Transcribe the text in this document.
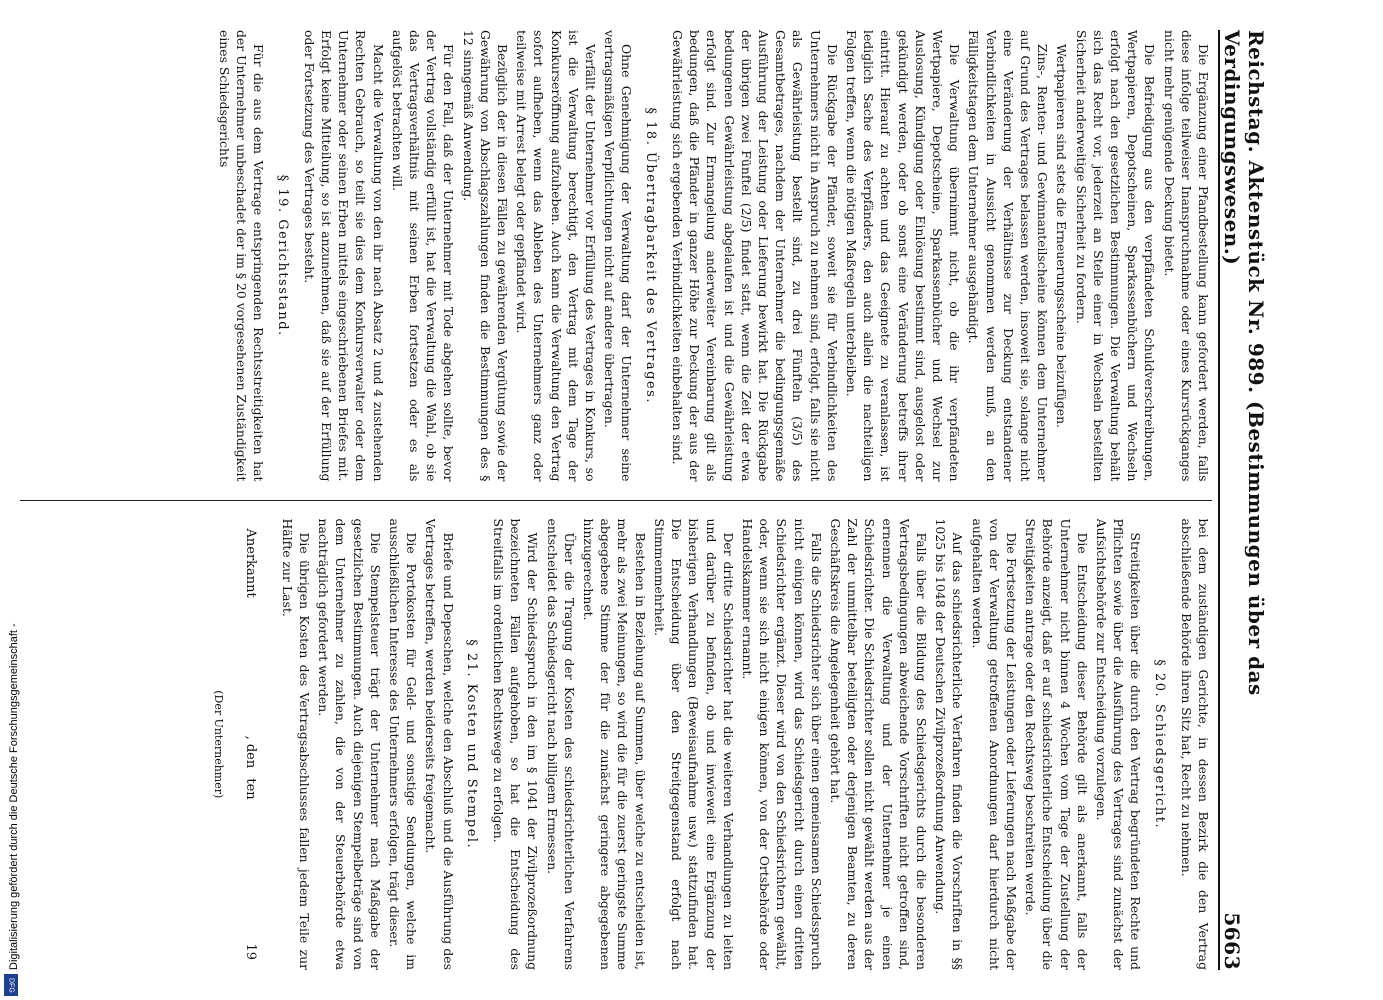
Reichstag. Aktenstück Nr. 989. (Bestimmungen über das Verdingungswesen.)
5663

Die Ergänzung einer Pfandbestellung kann gefordert werden, falls diese infolge teilweiser Inanspruchnahme oder eines Kursrückganges nicht mehr genügende Deckung bietet.

Die Befriedigung aus den verpfändeten Schuldverschreibungen, Wertpapieren, Depotscheinen, Sparkassenbüchern und Wechseln erfolgt nach den gesetzlichen Bestimmungen. Die Verwaltung behält sich das Recht vor, jederzeit an Stelle einer in Wechseln bestellten Sicherheit anderweitige Sicherheit zu fordern.

Wertpapieren sind stets die Erneuerungsscheine beizufügen.

Zins-, Renten- und Gewinnanteilscheine können dem Unternehmer auf Grund des Vertrages belassen werden, insoweit sie, solange nicht eine Veränderung der Verhältnisse zur Deckung entstandener Verbindlichkeiten in Aussicht genommen werden muß, an den Fälligkeitstagen dem Unternehmer ausgehändigt.

Die Verwaltung übernimmt nicht, ob die ihr verpfändeten Wertpapiere, Depotscheine, Sparkassenbücher und Wechsel zur Auslosung, Kündigung oder Einlösung bestimmt sind, ausgelost oder gekündigt werden, oder ob sonst eine Veränderung betreffs ihrer eintritt. Hierauf zu achten und das Geeignete zu veranlassen, ist lediglich Sache des Verpfänders, den auch allein die nachteiligen Folgen treffen, wenn die nötigen Maßregeln unterbleiben.

Die Rückgabe der Pfänder, soweit sie für Verbindlichkeiten des Unternehmers nicht in Anspruch zu nehmen sind, erfolgt, falls sie nicht als Gewährleistung bestellt sind, zu drei Fünfteln (3/5) des Gesamtbetrages, nachdem der Unternehmer die bedingungsgemäße Ausführung der Leistung oder Lieferung bewirkt hat. Die Rückgabe der übrigen zwei Fünftel (2/5) findet statt, wenn die Zeit der etwa bedungenen Gewährleistung abgelaufen ist und die Gewährleistung erfolgt sind. Zur Ermangelung anderweiter Vereinbarung gilt als bedungen, daß die Pfänder in ganzer Höhe zur Deckung der aus der Gewährleistung sich ergebenden Verbindlichkeiten einbehalten sind.

§ 18. Übertragbarkeit des Vertrages.

Ohne Genehmigung der Verwaltung darf der Unternehmer seine vertragsmäßigen Verpflichtungen nicht auf andere übertragen.

Verfällt der Unternehmer vor Erfüllung des Vertrages in Konkurs, so ist die Verwaltung berechtigt, den Vertrag mit dem Tage der Konkurseröffnung aufzuheben. Auch kann die Verwaltung den Vertrag sofort aufheben, wenn das Ableben des Unternehmers ganz oder teilweise mit Arrest belegt oder gepfändet wird.

Bezüglich der in diesen Fällen zu gewährenden Vergütung sowie der Gewährung von Abschlagszahlungen finden die Bestimmungen des § 12 sinngemäß Anwendung.

Für den Fall, daß der Unternehmer mit Tode abgehen sollte, bevor der Vertrag vollständig erfüllt ist, hat die Verwaltung die Wahl, ob sie das Vertragsverhältnis mit seinen Erben fortsetzen oder es als aufgelöst betrachten will.

Macht die Verwaltung von den ihr nach Absatz 2 und 4 zustehenden Rechten Gebrauch, so teilt sie dies dem Konkursverwalter oder dem Unternehmer oder seinen Erben mittels eingeschriebenen Briefes mit. Erfolgt keine Mitteilung, so ist anzunehmen, daß sie auf der Erfüllung oder Fortsetzung des Vertrages besteht.

§ 19. Gerichtsstand.

Für die aus dem Vertrage entspringenden Rechtsstreitigkeiten hat der Unternehmer unbeschadet der im § 20 vorgesehenen Zuständigkeit eines Schiedsgerichts

bei dem zuständigen Gerichte, in dessen Bezirk die den Vertrag abschließende Behörde ihren Sitz hat, Recht zu nehmen.

§ 20. Schiedsgericht.

Streitigkeiten über die durch den Vertrag begründeten Rechte und Pflichten sowie über die Ausführung des Vertrages sind zunächst der Aufsichtsbehörde zur Entscheidung vorzulegen.

Die Entscheidung dieser Behörde gilt als anerkannt, falls der Unternehmer nicht binnen 4 Wochen vom Tage der Zustellung der Behörde anzeigt, daß er auf schiedsrichterliche Entscheidung über die Streitigkeiten antrage oder den Rechtsweg beschreiten werde.

Die Fortsetzung der Leistungen oder Lieferungen nach Maßgabe der von der Verwaltung getroffenen Anordnungen darf hierdurch nicht aufgehalten werden.

Auf das schiedsrichterliche Verfahren finden die Vorschriften in §§ 1025 bis 1048 der Deutschen Zivilprozeßordnung Anwendung.

Falls über die Bildung des Schiedsgerichts durch die besonderen Vertragsbedingungen abweichende Vorschriften nicht getroffen sind, ernennen die Verwaltung und der Unternehmer je einen Schiedsrichter. Die Schiedsrichter sollen nicht gewählt werden aus der Zahl der unmittelbar beteiligten oder derjenigen Beamten, zu deren Geschäftskreis die Angelegenheit gehört hat.

Falls die Schiedsrichter sich über einen gemeinsamen Schiedsspruch nicht einigen können, wird das Schiedsgericht durch einen dritten Schiedsrichter ergänzt. Dieser wird von den Schiedsrichtern gewählt, oder, wenn sie sich nicht einigen können, von der Ortsbehörde oder Handelskammer ernannt.

Der dritte Schiedsrichter hat die weiteren Verhandlungen zu leiten und darüber zu befinden, ob und inwieweit eine Ergänzung der bisherigen Verhandlungen (Beweisaufnahme usw.) stattzufinden hat. Die Entscheidung über den Streitgegenstand erfolgt nach Stimmenmehrheit.

Bestehen in Beziehung auf Summen, über welche zu entscheiden ist, mehr als zwei Meinungen, so wird die für die zuerst geringste Summe abgegebene Stimme der für die zunächst geringere abgegebenen hinzugerechnet.

Über die Tragung der Kosten des schiedsrichterlichen Verfahrens entscheidet das Schiedsgericht nach billigem Ermessen.

Wird der Schiedsspruch in den im § 1041 der Zivilprozeßordnung bezeichneten Fällen aufgehoben, so hat die Entscheidung des Streitfalls im ordentlichen Rechtswege zu erfolgen.

§ 21. Kosten und Stempel.

Briefe und Depeschen, welche den Abschluß und die Ausführung des Vertrages betreffen, werden beiderseits freigemacht.

Die Portokosten für Geld- und sonstige Sendungen, welche im ausschließlichen Interesse des Unternehmers erfolgen, trägt dieser.

Die Stempelsteuer trägt der Unternehmer nach Maßgabe der gesetzlichen Bestimmungen. Auch diejenigen Stempelbeträge sind von dem Unternehmer zu zahlen, die von der Steuerbehörde etwa nachträglich gefordert werden.

Die übrigen Kosten des Vertragsabschlusses fallen jedem Teile zur Hälfte zur Last.

Anerkannt
, den ten
19
(Der Unternehmer)
Digitalisierung gefördert durch die Deutsche Forschungsgemeinschaft -
DFG
